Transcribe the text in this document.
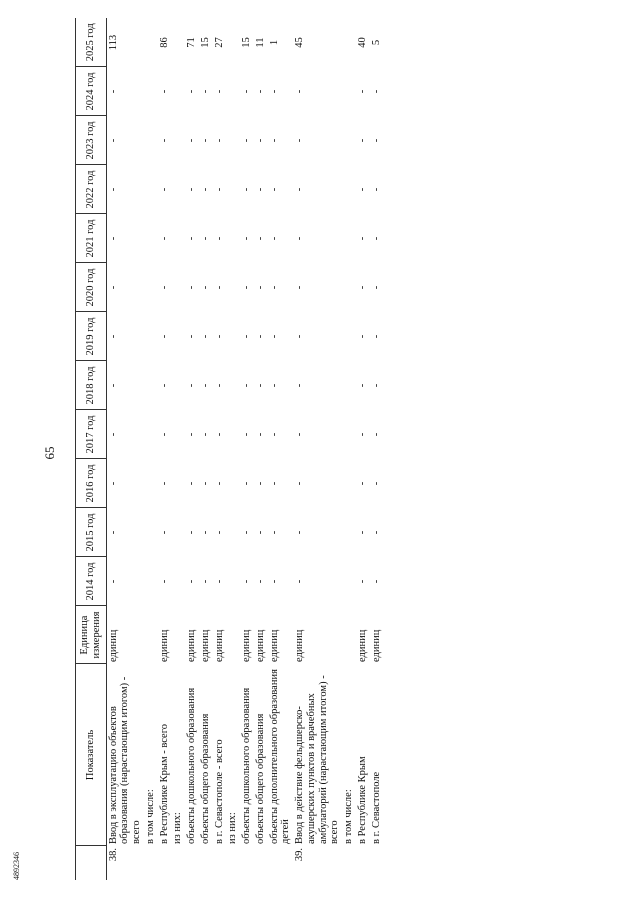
65
4892346
	Показатель	Единица измерения	2014 год	2015 год	2016 год	2017 год	2018 год	2019 год	2020 год	2021 год	2022 год	2023 год	2024 год	2025 год
38.	Ввод в эксплуатацию объектов образования (нарастающим итогом) - всего	единиц	-	-	-	-	-	-	-	-	-	-	-	113
	в том числе:													
	в Республике Крым - всего	единиц	-	-	-	-	-	-	-	-	-	-	-	86
	из них:													
	объекты дошкольного образования	единиц	-	-	-	-	-	-	-	-	-	-	-	71
	объекты общего образования	единиц	-	-	-	-	-	-	-	-	-	-	-	15
	в г. Севастополе - всего	единиц	-	-	-	-	-	-	-	-	-	-	-	27
	из них:													
	объекты дошкольного образования	единиц	-	-	-	-	-	-	-	-	-	-	-	15
	объекты общего образования	единиц	-	-	-	-	-	-	-	-	-	-	-	11
	объекты дополнительного образования детей	единиц	-	-	-	-	-	-	-	-	-	-	-	1
39.	Ввод в действие фельдшерско-акушерских пунктов и врачебных амбулаторий (нарастающим итогом) - всего	единиц	-	-	-	-	-	-	-	-	-	-	-	45
	в том числе:													
	в Республике Крым	единиц	-	-	-	-	-	-	-	-	-	-	-	40
	в г. Севастополе	единиц	-	-	-	-	-	-	-	-	-	-	-	5
